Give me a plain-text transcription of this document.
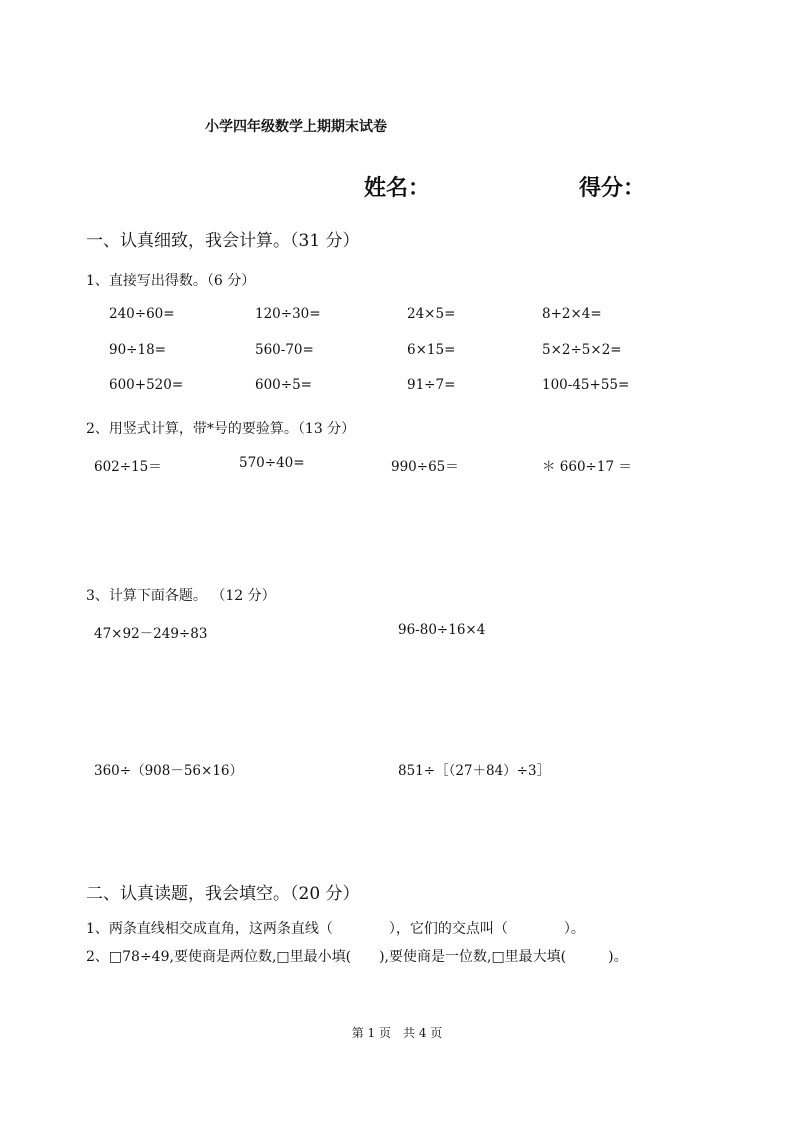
小学四年级数学上期期末试卷
姓名：	得分：
一、认真细致，我会计算。（31 分）
1、直接写出得数。（6 分）
240÷60=	120÷30=	24×5=	8+2×4=
90÷18=	560-70=	6×15=	5×2÷5×2=
600+520=	600÷5=	91÷7=	100-45+55=
2、用竖式计算，带*号的要验算。（13 分）
602÷15＝	570÷40=	990÷65＝	＊ 660÷17 ＝
3、计算下面各题。 （12 分）
47×92－249÷83	96-80÷16×4
360÷（908－56×16）	851÷［（27＋84）÷3］
二、认真读题，我会填空。（20 分）
1、两条直线相交成直角，这两条直线（　　　　），它们的交点叫（　　　　）。
2、□78÷49,要使商是两位数,□里最小填(　　),要使商是一位数,□里最大填(　　　)。
第 1 页　共 4 页
